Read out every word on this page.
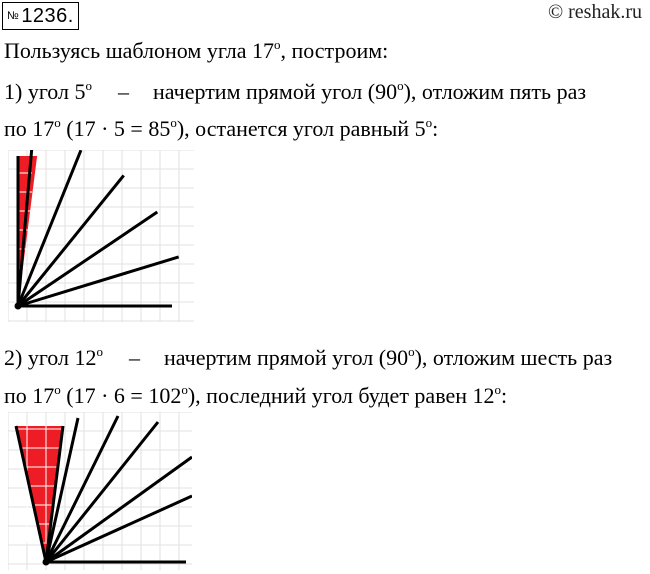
№ 1236.	© reshak.ru
Пользуясь шаблоном угла 17$^o$, построим:
1) угол 5$^o$ – начертим прямой угол (90$^o$), отложим пять раз
по 17$^o$ $(17 \cdot 5 = 85^o)$, останется угол равный 5$^o$:
2) угол 12$^o$ – начертим прямой угол (90$^o$), отложим шесть раз
по 17$^o$ $(17 \cdot 6 = 102^o)$, последний угол будет равен 12$^o$:
